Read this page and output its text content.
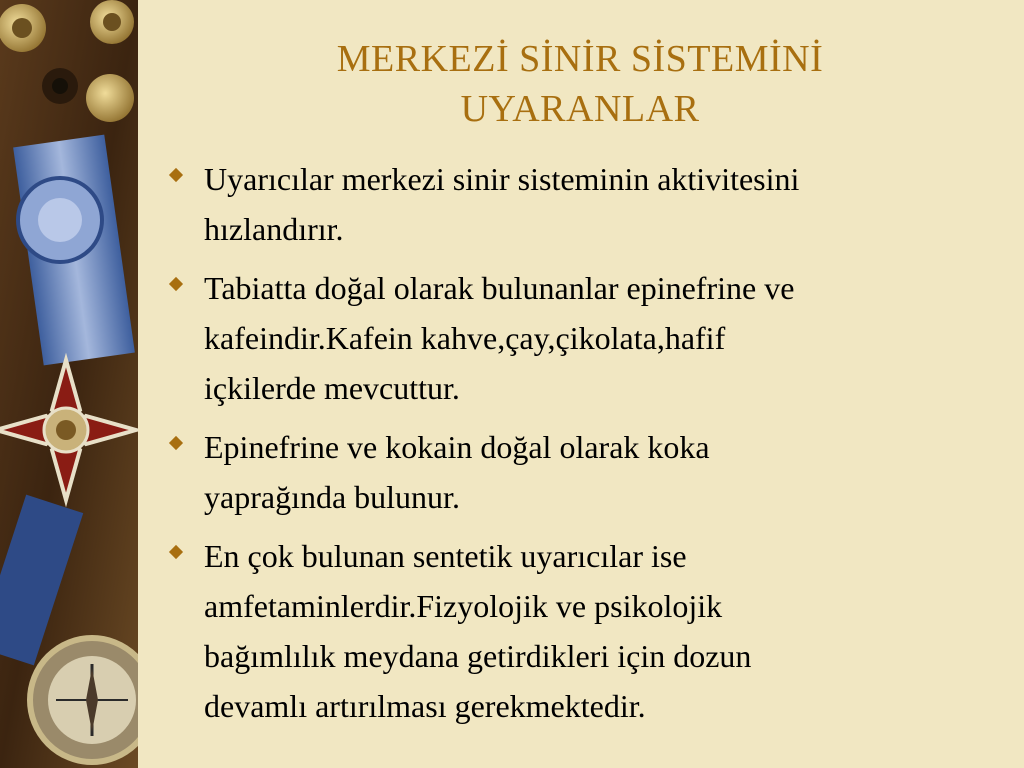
MERKEZİ SİNİR SİSTEMİNİ
UYARANLAR
Uyarıcılar merkezi sinir sisteminin aktivitesini
hızlandırır.
Tabiatta doğal olarak bulunanlar epinefrine ve
kafeindir.Kafein kahve,çay,çikolata,hafif
içkilerde mevcuttur.
Epinefrine ve kokain doğal olarak koka
yaprağında bulunur.
En çok bulunan sentetik uyarıcılar ise
amfetaminlerdir.Fizyolojik ve psikolojik
bağımlılık meydana getirdikleri için dozun
devamlı artırılması gerekmektedir.
